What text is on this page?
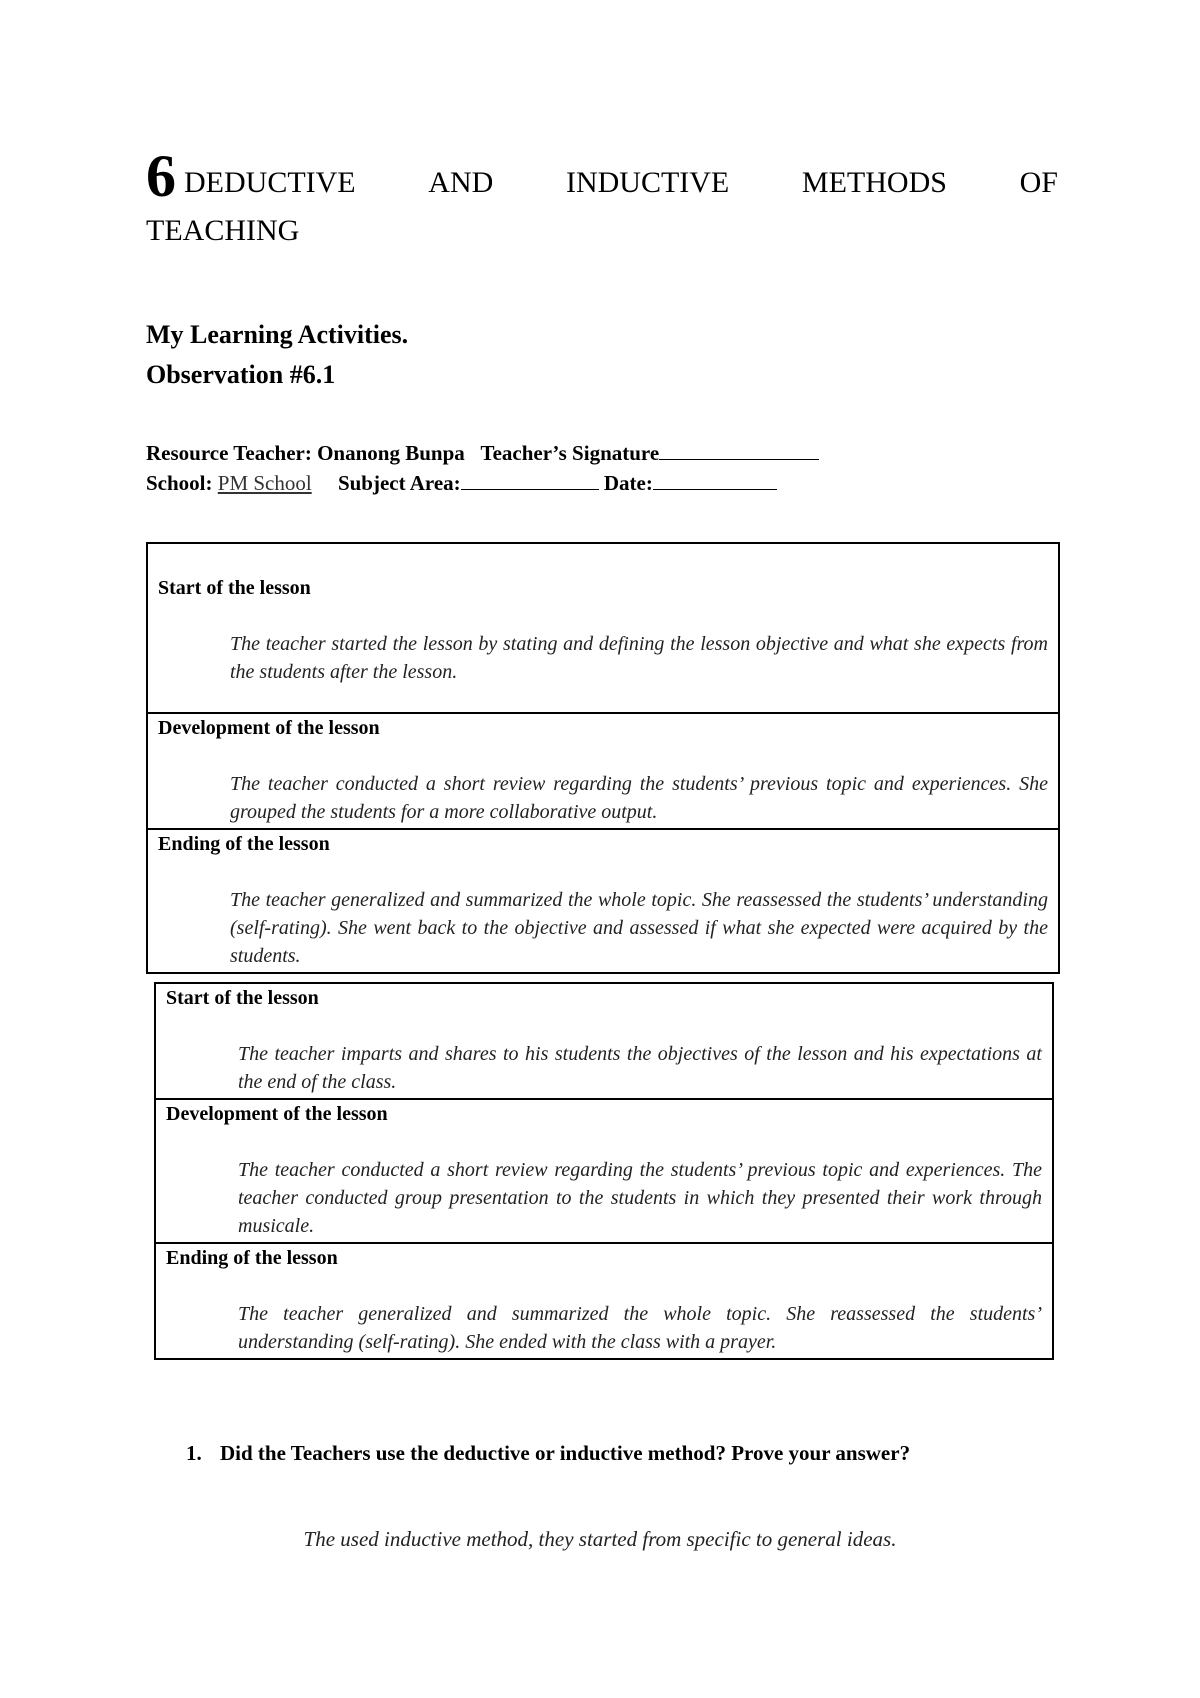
6 DEDUCTIVE AND INDUCTIVE METHODS OF
TEACHING
My Learning Activities.
Observation #6.1
Resource Teacher: Onanong Bunpa Teacher’s Signature
School: PM School Subject Area:	Date:
Start of the lesson
The teacher started the lesson by stating and defining the lesson objective and what she expects from the students after the lesson.

Development of the lesson
The teacher conducted a short review regarding the students’ previous topic and experiences. She grouped the students for a more collaborative output.

Ending of the lesson
The teacher generalized and summarized the whole topic. She reassessed the students’ understanding (self-rating). She went back to the objective and assessed if what she expected were acquired by the students.
Start of the lesson
The teacher imparts and shares to his students the objectives of the lesson and his expectations at the end of the class.

Development of the lesson
The teacher conducted a short review regarding the students’ previous topic and experiences. The teacher conducted group presentation to the students in which they presented their work through musicale.

Ending of the lesson
The teacher generalized and summarized the whole topic. She reassessed the students’ understanding (self-rating). She ended with the class with a prayer.
1. Did the Teachers use the deductive or inductive method? Prove your answer?
The used inductive method, they started from specific to general ideas.
